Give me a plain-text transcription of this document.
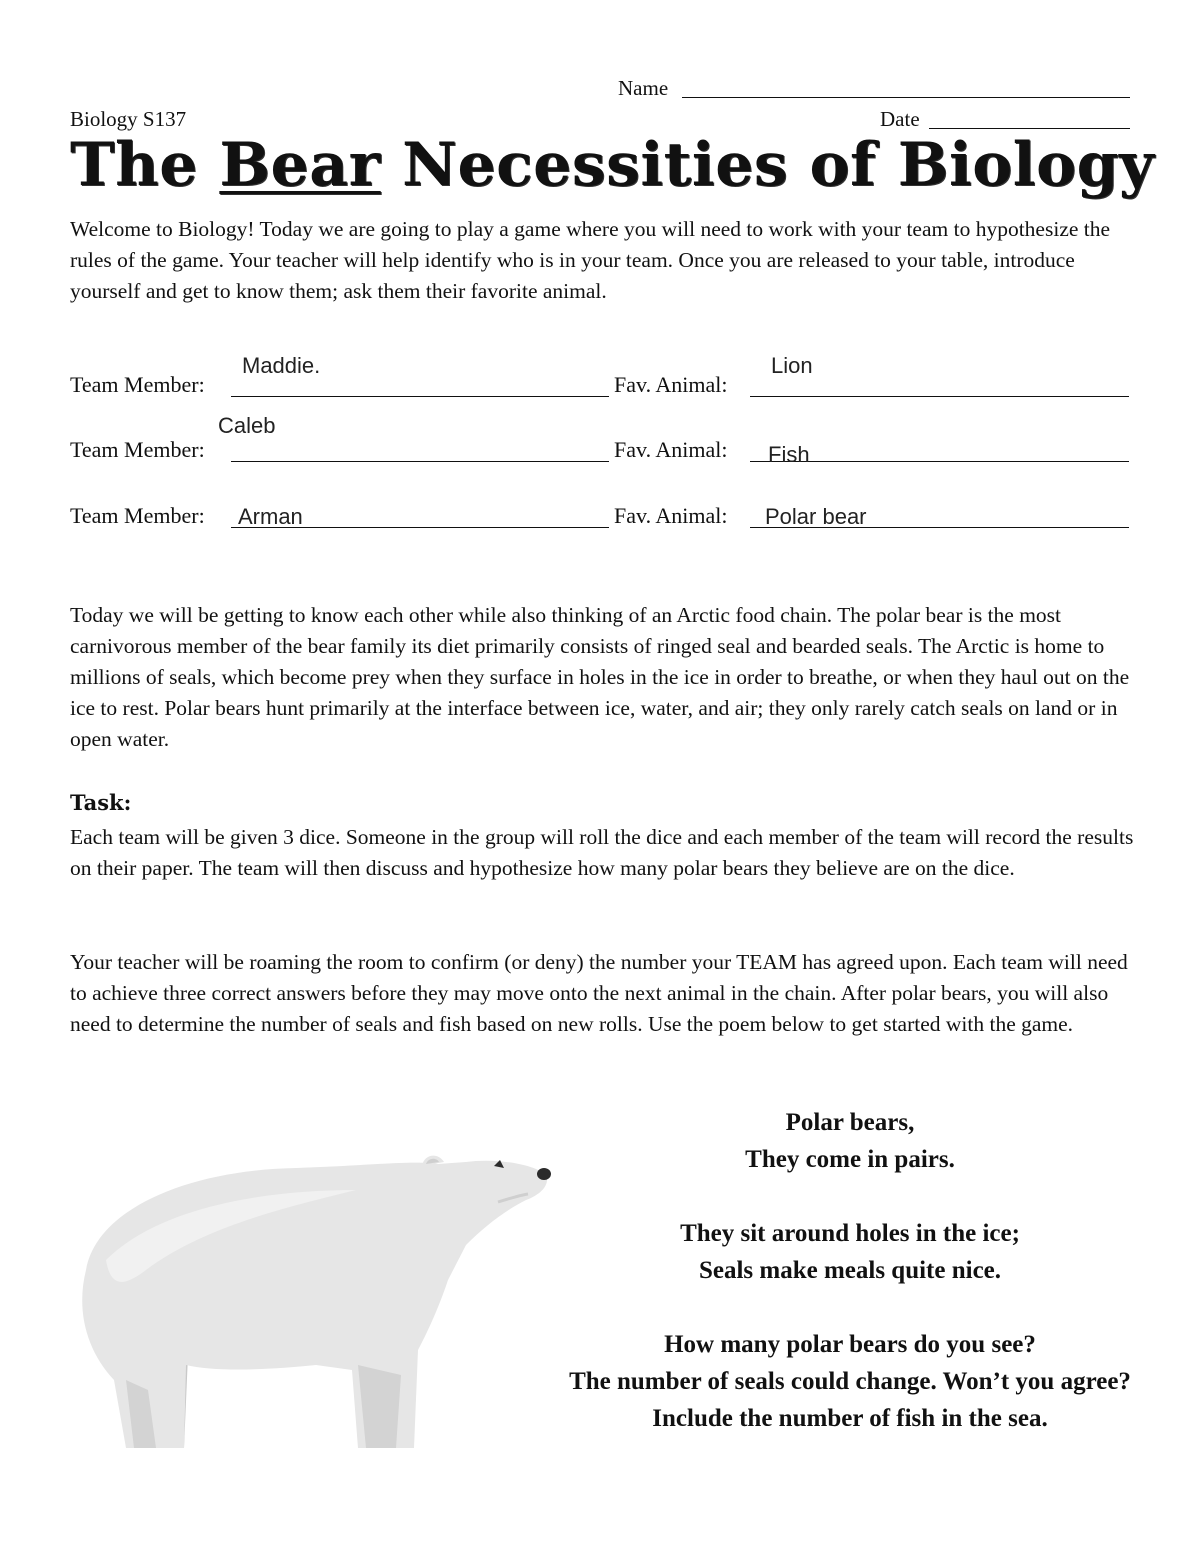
Name
Biology S137	Date
The Bear Necessities of Biology

Welcome to Biology! Today we are going to play a game where you will need to work with your team to hypothesize the rules of the game. Your teacher will help identify who is in your team. Once you are released to your table, introduce yourself and get to know them; ask them their favorite animal.

Team Member:
Maddie.
Fav. Animal:
Lion
Team Member:
Caleb
Fav. Animal: Fish
Team Member: Arman	Fav. Animal: Polar bear

Today we will be getting to know each other while also thinking of an Arctic food chain. The polar bear is the most carnivorous member of the bear family its diet primarily consists of ringed seal and bearded seals. The Arctic is home to millions of seals, which become prey when they surface in holes in the ice in order to breathe, or when they haul out on the ice to rest. Polar bears hunt primarily at the interface between ice, water, and air; they only rarely catch seals on land or in open water.

Task:

Each team will be given 3 dice. Someone in the group will roll the dice and each member of the team will record the results on their paper. The team will then discuss and hypothesize how many polar bears they believe are on the dice.

Your teacher will be roaming the room to confirm (or deny) the number your TEAM has agreed upon. Each team will need to achieve three correct answers before they may move onto the next animal in the chain. After polar bears, you will also need to determine the number of seals and fish based on new rolls. Use the poem below to get started with the game.

Polar bears,
They come in pairs.
They sit around holes in the ice;
Seals make meals quite nice.
How many polar bears do you see?
The number of seals could change. Won’t you agree?
Include the number of fish in the sea.
